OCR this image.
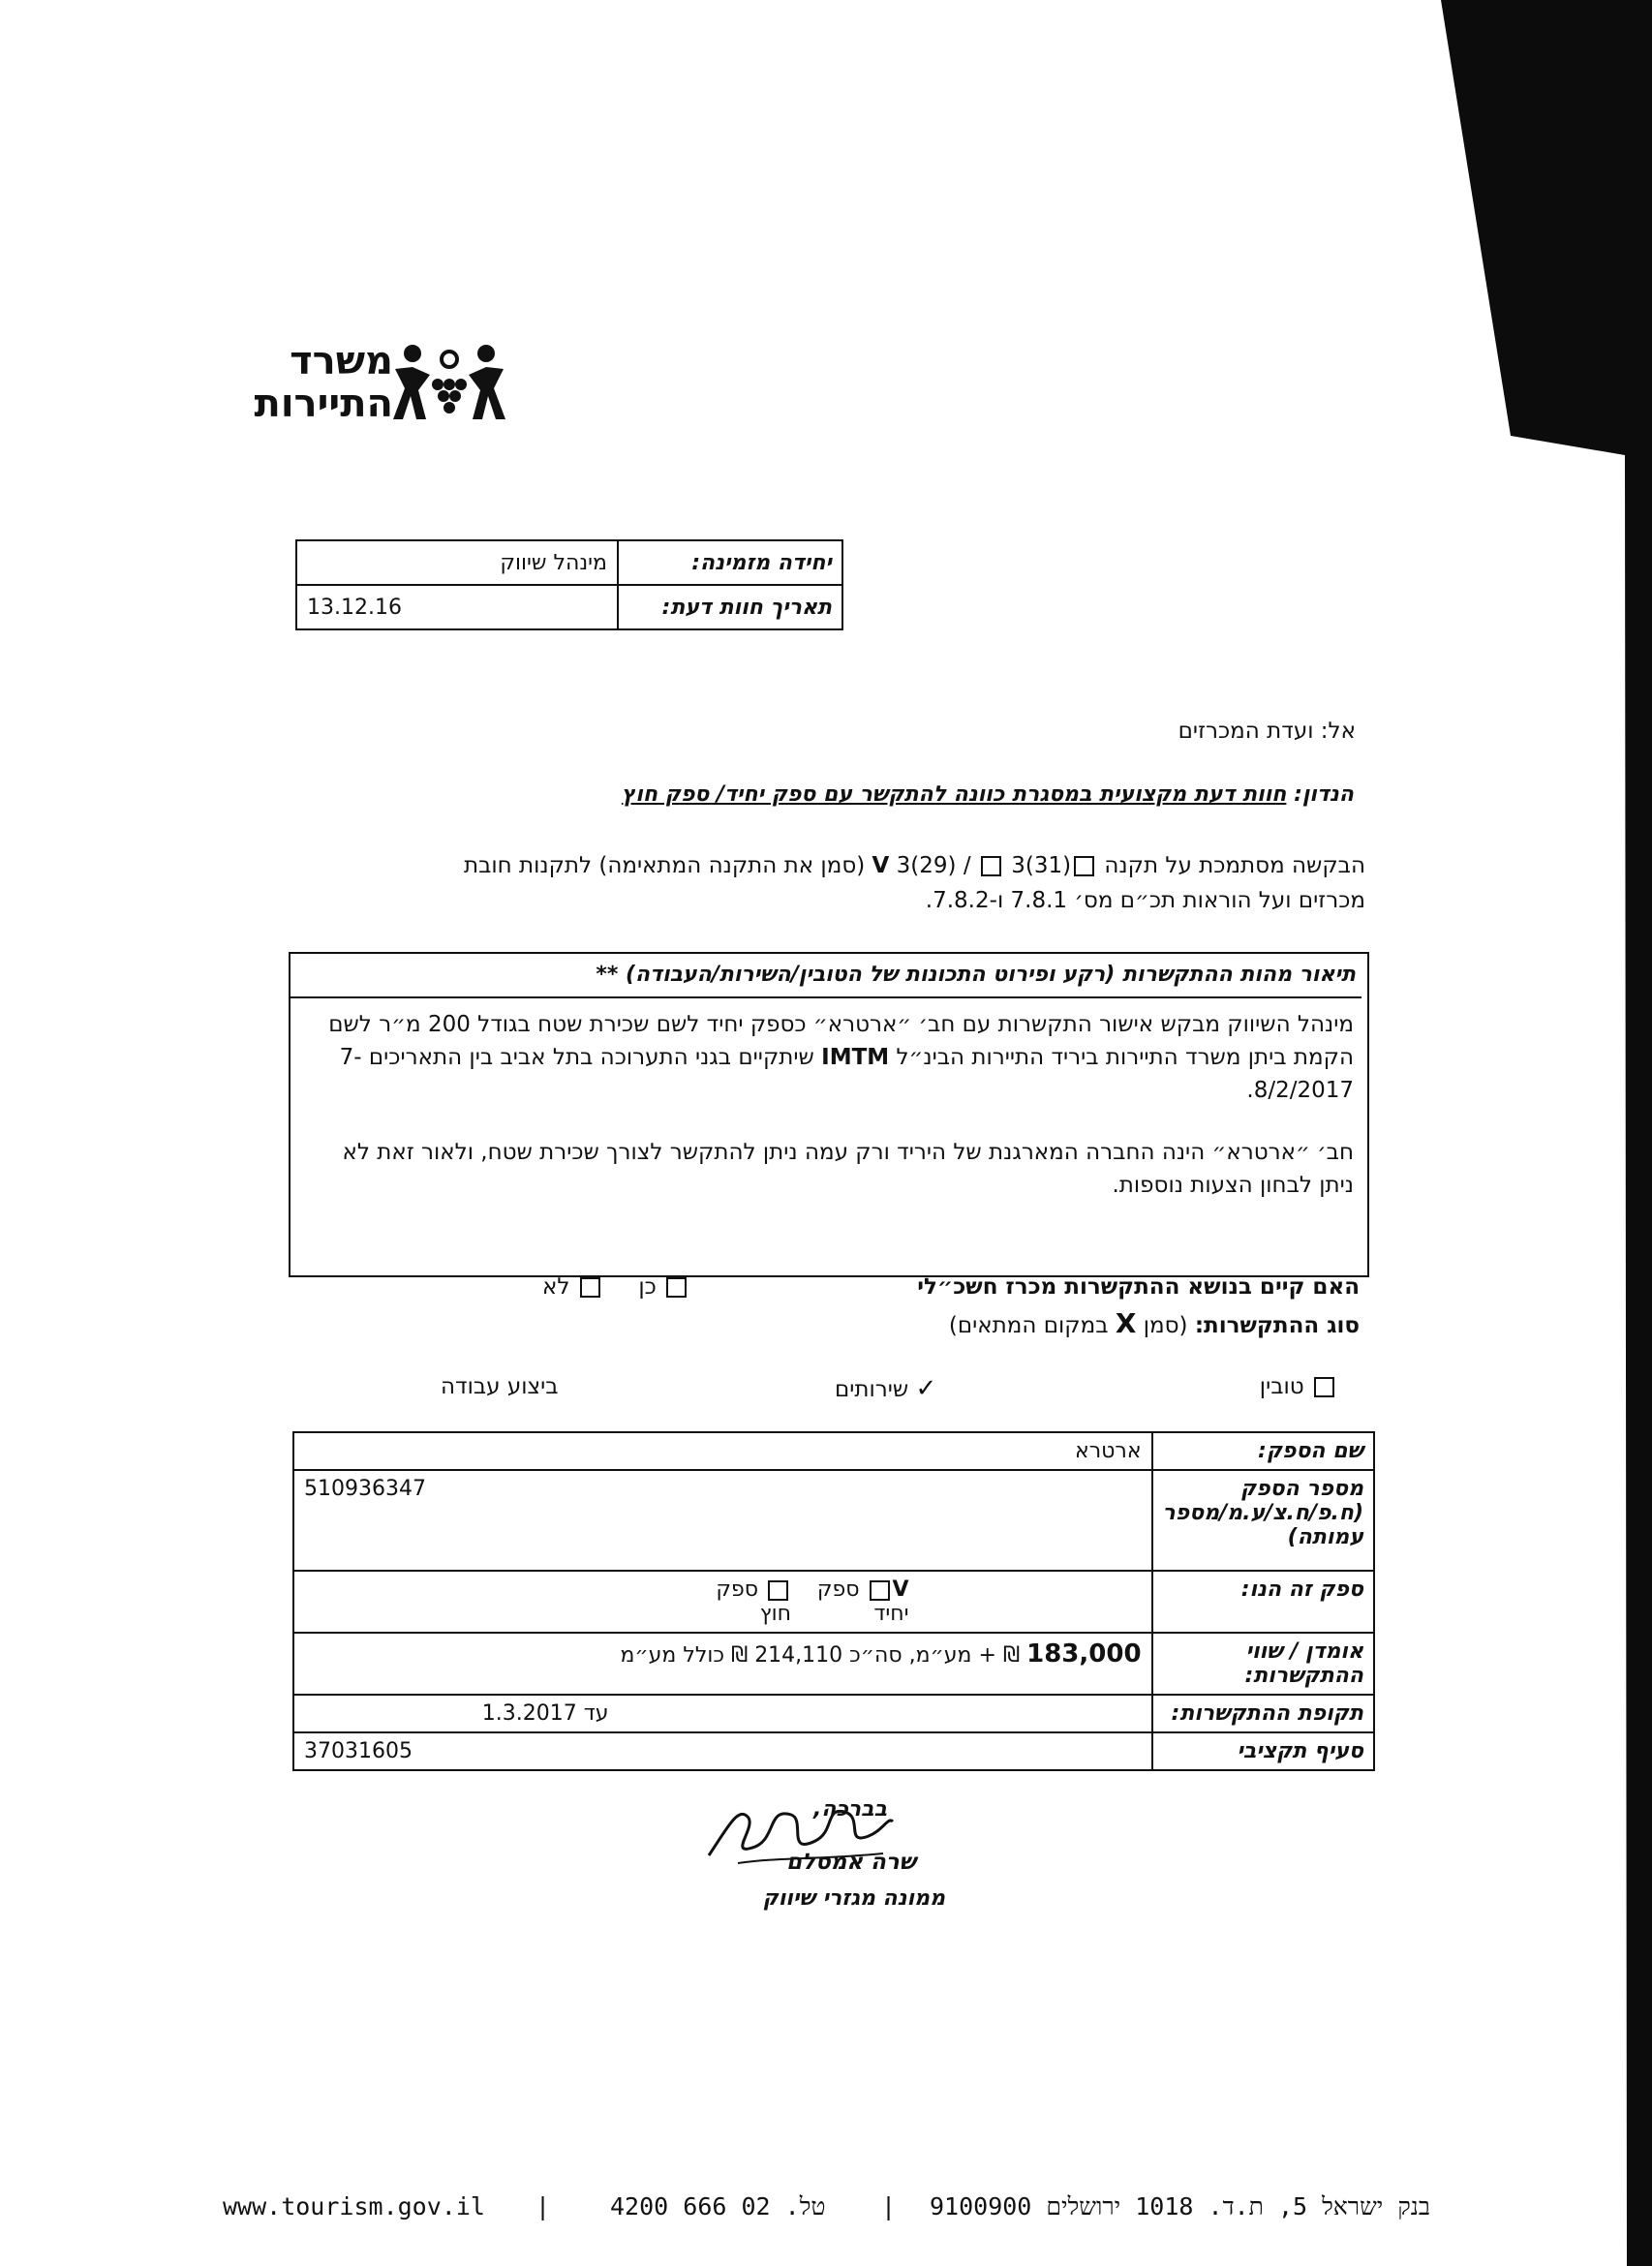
משרד
התיירות
יחידה מזמינה:	מינהל שיווק
תאריך חוות דעת:	13.12.16
אל: ועדת המכרזים
הנדון: חוות דעת מקצועית במסגרת כוונה להתקשר עם ספק יחיד/ ספק חוץ
הבקשה מסתמכת על תקנה V 3(29) / 3(31) (סמן את התקנה המתאימה) לתקנות חובת
מכרזים ועל הוראות תכ״ם מס׳ 7.8.1 ו-7.8.2.
תיאור מהות ההתקשרות (רקע ופירוט התכונות של הטובין/השירות/העבודה) **

מינהל השיווק מבקש אישור התקשרות עם חב׳ ״ארטרא״ כספק יחיד לשם שכירת שטח בגודל 200 מ״ר לשם הקמת ביתן משרד התיירות ביריד התיירות הבינ״ל IMTM שיתקיים בגני התערוכה בתל אביב בין התאריכים 7-8/2/2017.

חב׳ ״ארטרא״ הינה החברה המארגנת של היריד ורק עמה ניתן להתקשר לצורך שכירת שטח, ולאור זאת לא ניתן לבחון הצעות נוספות.

האם קיים בנושא ההתקשרות מכרז חשכ״לי
כן      לא
סוג ההתקשרות: (סמן X במקום המתאים)
טובין
✓ שירותים
ביצוע עבודה
שם הספק:	ארטרא
מספר הספק (ח.פ/ח.צ/ע.מ/מספר עמותה)	510936347
ספק זה הנו:	V ספק יחיד
ספק חוץ

אומדן / שווי ההתקשרות:	183,000 ₪ + מע״מ, סה״כ 214,110 ₪ כולל מע״מ
תקופת ההתקשרות:	עד 1.3.2017
סעיף תקציבי	37031605
בברכה,
שרה אמסלם
ממונה מגזרי שיווק
www.tourism.gov.il | טל. 02 666 4200 | בנק ישראל 5, ת.ד. 1018 ירושלים 9100900
